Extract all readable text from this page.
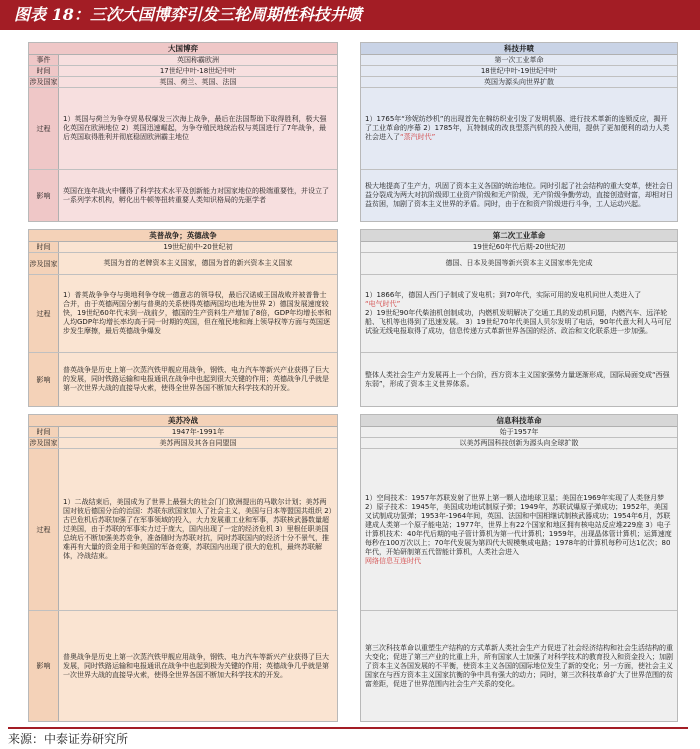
图表 18：三次大国博弈引发三轮周期性科技井喷
大国博弈
事件	英国称霸欧洲
时间	17世纪中叶-18世纪中叶
涉及国家	英国、荷兰、英国、法国
过程
1）英国与荷兰为争夺贸易权爆发三次海上战争，最后在法国帮助下取得胜利，极大强化英国在欧洲地位 2）英国迅速崛起，为争夺殖民地统治权与英国进行了7年战争，最后英国取得胜利并彻底稳固欧洲霸主地位
影响
英国在连年战火中懂得了科学技术水平及创新能力对国家地位的极端重要性，并设立了一系列学术机构，孵化出牛顿等扭转重要人类知识格局的先驱学者
科技井喷
第一次工业革命
18世纪中叶-19世纪中叶
英国为源头向世界扩散

1）1765年“珍妮纺纱机”的出现首先在棉纺织业引发了发明机器、进行技术革新的连锁反应，揭开了工业革命的序幕 2）1785年，瓦特制成的改良型蒸汽机的投入使用，提供了更加便利的动力人类社会进入了“蒸汽时代”

极大地提高了生产力，巩固了资本主义各国的统治地位。同时引起了社会结构的重大变革，使社会日益分裂成为两大对抗阶级即工业资产阶级和无产阶级，无产阶级争勤劳动，直接创造财富，却相对日益贫困，加剧了资本主义世界的矛盾。同时，由于在和资产阶级进行斗争，工人运动兴起。
英普战争；英德战争
时间	19世纪前中-20世纪初
涉及国家	英国为首的老牌资本主义国家，德国为首的新兴资本主义国家
过程
1）普英战争争夺与奥地利争夺统一德意志的领导权，最后汉诺威王国战败并被普鲁士合并，由于英德两国分割与普奥的关系使得英德两国均也地为世界 2）德国发展速度较快，19世纪60年代末到一战前夕，德国的生产资料生产增加了8倍，GDP年均增长率和人均GDP年均增长率均高于同一时期的英国，但在殖民地和海上领导权等方面与英国逐步发生摩擦，最后英德战争爆发
影响
普英战争是历史上第一次蒸汽铁甲舰应用战争，钢铁、电力汽车等新兴产业获得了巨大的发展，同时铁路运输和电报通讯在战争中也起到很大关键的作用；英德战争几乎就是第一次世界大战的直接导火索，使得全世界各国不断加大科学技术的开发。
第二次工业革命
19世纪60年代后期-20世纪初
德国、日本及美国等新兴资本主义国家率先完成
1）1866年，德国人西门子制成了发电机；到70年代，实际可用的发电机问世人类进入了
“电气时代”
2）19世纪90年代柴油机创制成功，内燃机发明解决了交通工具的发动机问题，内燃汽车、远洋轮船、飞机等也得到了迅速发展。 3）19世纪70年代美国人贝尔发明了电话，90年代意大利人马可尼试验无线电报取得了成功，信息传递方式革新世界各国的经济、政治和文化联系进一步加强。
整体人类社会生产力发展再上一个台阶，西方资本主义国家强势力量逐渐形成，国际局面变成“西强东弱”，形成了资本主义世界体系。
美苏冷战
时间	1947年-1991年
涉及国家	美苏两国及其各自同盟国
过程
1）二战结束后，美国成为了世界上最强大的社会门门欧洲提出的马歇尔计划；美苏两国对彼后德国分治的治国：苏联东欧国家加入了社会主义，美国与日本等盟国共组织 2）古巴危机后苏联加强了在军事领域的投入，大力发展重工业和军事，苏联核武器数量超过美国，由于苏联的军事实力过于庞大，国内出现了一定的经济危机 3）里根任职美国总统后不断加强美苏竞争，准备随时为苏联对抗，同时苏联国内的经济十分不景气，推难再有大量的资金用于和美国的军备竞赛，苏联国内出现了很大的危机，最终苏联解体，冷战结束。
影响
普奥战争是历史上第一次蒸汽铁甲舰应用战争，钢铁、电力汽车等新兴产业获得了巨大发展，同时铁路运输和电报通讯在战争中也起到极为关键的作用；英德战争几乎就是第一次世界大战的直接导火索，使得全世界各国不断加大科学技术的开发。
信息科技革命
始于1957年
以美苏两国科技创新为源头向全球扩散
1）空间技术：1957年苏联发射了世界上第一颗人造地球卫星；美国在1969年实现了人类登月梦 2）原子技术：1945年，美国成功地试制原子弹；1949年，苏联试爆原子弹成功；1952年，美国又试制成功氢弹；1953年-1964年间，英国、法国和中国相继试制核武器成功；1954年6月，苏联建成人类第一个原子能电站；1977年，世界上有22个国家和地区拥有核电站反应堆229座 3）电子计算机技术：40年代后期的电子管计算机为第一代计算机；1959年，出现晶体管计算机；运算速度每秒在100万次以上；70年代发展为第四代大规模集成电路；1978年的计算机每秒可达1亿次；80年代，开始研制第五代智能计算机，人类社会进入
网络信息互连时代
第三次科技革命以重塑生产结构的方式革新人类社会生产力促进了社会经济结构和社会生活结构的重大变化；促进了第三产业的比重上升，所有国家人士加强了对科学技术的教育投入和资金投入；加剧了资本主义各国发展的不平衡，使资本主义各国的国际地位发生了新的变化；另一方面，使社会主义国家在与西方资本主义国家抗衡的争中具有强大的动力；同时，第三次科技革命扩大了世界范围的贫富差距，促进了世界范围内社会生产关系的变化。
来源：中泰证券研究所
